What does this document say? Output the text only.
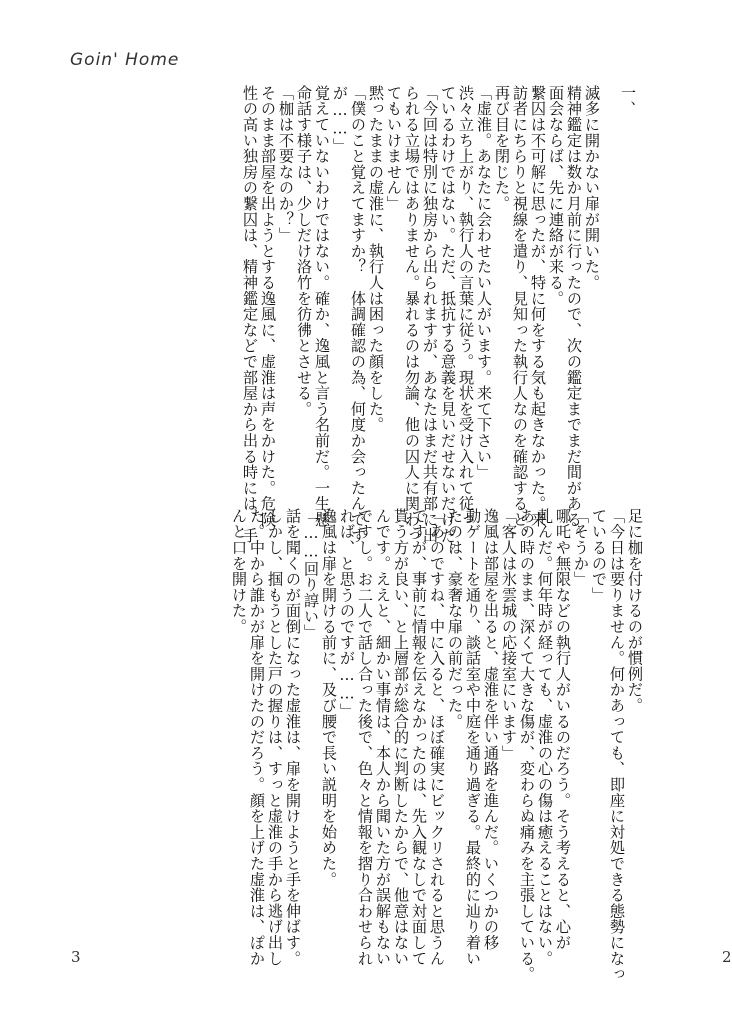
Goin' Home
一、
滅多に開かない扉が開いた。
精神鑑定は数か月前に行ったので、次の鑑定までまだ間がある。
面会ならば、先に連絡が来る。
繋囚は不可解に思ったが、特に何をする気も起きなかった。来
訪者にちらりと視線を遣り、見知った執行人なのを確認すると、
再び目を閉じた。
「虚淮。あなたに会わせたい人がいます。来て下さい」
渋々立ち上がり、執行人の言葉に従う。現状を受け入れて従っ
ているわけではない。ただ、抵抗する意義を見いだせないだけだ。
「今回は特別に独房から出られますが、あなたはまだ共有部に出
られる立場ではありません。暴れるのは勿論、他の囚人に関わっ
てもいけません」
黙ったままの虚淮に、執行人は困った顔をした。
「僕のこと覚えてますか？　体調確認の為、何度か会ったんです
が……」
覚えていないわけではない。確か、逸風と言う名前だ。一生懸
命話す様子は、少しだけ洛竹を彷彿とさせる。
「枷は不要なのか？」
そのまま部屋を出ようとする逸風に、虚淮は声をかけた。危険
性の高い独房の繋囚は、精神鑑定などで部屋から出る時には、手
足に枷を付けるのが慣例だ。
「今日は要りません。何かあっても、即座に対処できる態勢になっ
ているので」
「そうか」
哪吒や無限などの執行人がいるのだろう。そう考えると、心が
軋んだ。何年時が経っても、虚淮の心の傷は癒えることはない。
あの時のまま、深くて大きな傷が、変わらぬ痛みを主張している。
「客人は氷雲城の応接室にいます」
逸風は部屋を出ると、虚淮を伴い通路を進んだ。いくつかの移
動ゲートを通り、談話室や中庭を通り過ぎる。最終的に辿り着い
たのは、豪奢な扉の前だった。
「あのですね、中に入ると、ほぼ確実にビックリされると思うん
ですが、事前に情報を伝えなかったのは、先入観なしで対面して
貰う方が良い、と上層部が総合的に判断したからで、他意はない
んです。ええと、細かい事情は、本人から聞いた方が誤解もない
ですし。お二人で話し合った後で、色々と情報を摺り合わせられ
れば、と思うのですが……」
逸風は扉を開ける前に、及び腰で長い説明を始めた。
「……回り諄い」
話を聞くのが面倒になった虚淮は、扉を開けようと手を伸ばす。
しかし、掴もうとした戸の握りは、すっと虚淮の手から逃げ出し
た。中から誰かが扉を開けたのだろう。顔を上げた虚淮は、ぽか
んと口を開けた。
3	2
